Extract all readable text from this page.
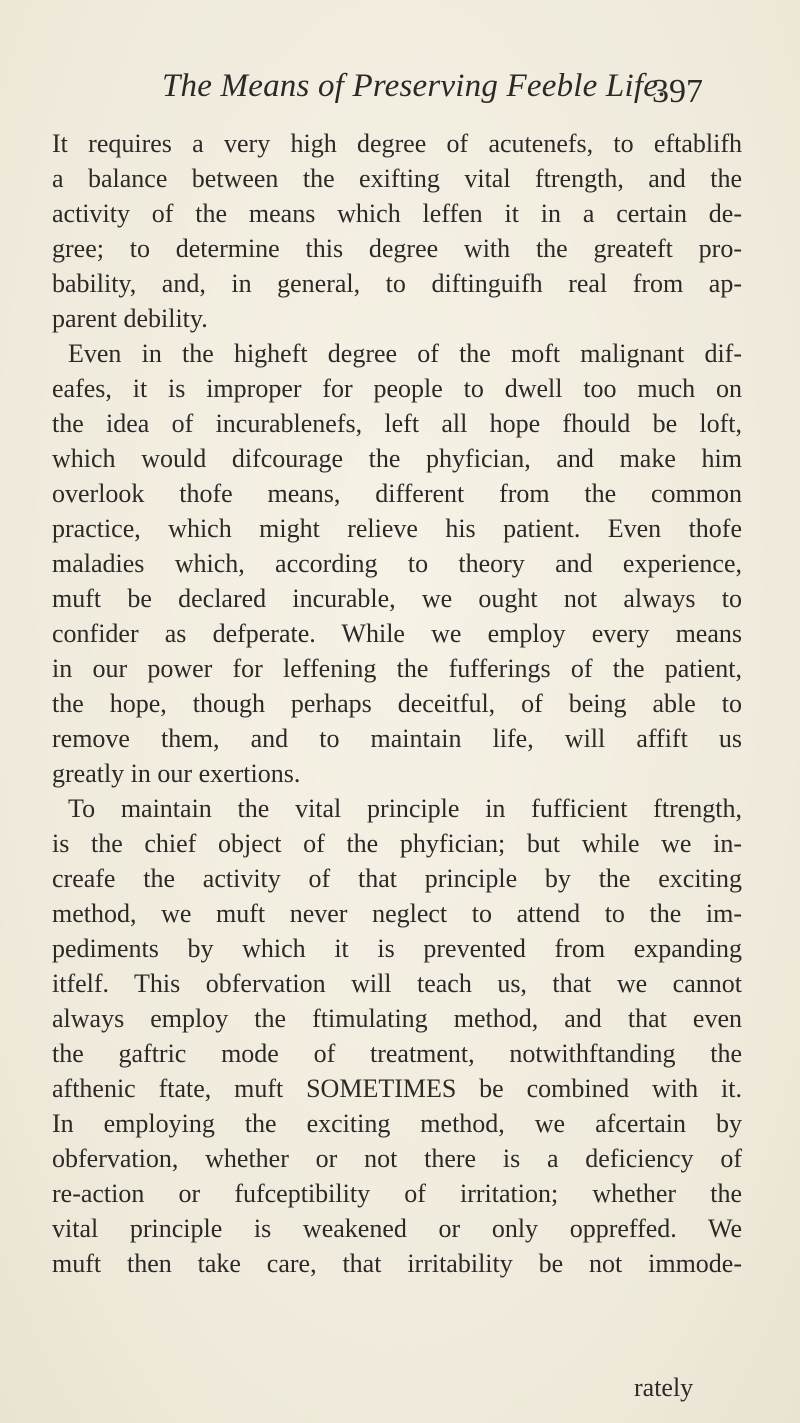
The Means of Preserving Feeble Life.
397
It requires a very high degree of acutenefs, to eftablifh
a balance between the exifting vital ftrength, and the
activity of the means which leffen it in a certain de-
gree; to determine this degree with the greateft pro-
bability, and, in general, to diftinguifh real from ap-
parent debility.
Even in the higheft degree of the moft malignant dif-
eafes, it is improper for people to dwell too much on
the idea of incurablenefs, left all hope fhould be loft,
which would difcourage the phyfician, and make him
overlook thofe means, different from the common
practice, which might relieve his patient. Even thofe
maladies which, according to theory and experience,
muft be declared incurable, we ought not always to
confider as defperate. While we employ every means
in our power for leffening the fufferings of the patient,
the hope, though perhaps deceitful, of being able to
remove them, and to maintain life, will affift us
greatly in our exertions.
To maintain the vital principle in fufficient ftrength,
is the chief object of the phyfician; but while we in-
creafe the activity of that principle by the exciting
method, we muft never neglect to attend to the im-
pediments by which it is prevented from expanding
itfelf. This obfervation will teach us, that we cannot
always employ the ftimulating method, and that even
the gaftric mode of treatment, notwithftanding the
afthenic ftate, muft SOMETIMES be combined with it.
In employing the exciting method, we afcertain by
obfervation, whether or not there is a deficiency of
re-action or fufceptibility of irritation; whether the
vital principle is weakened or only oppreffed. We
muft then take care, that irritability be not immode-
rately
